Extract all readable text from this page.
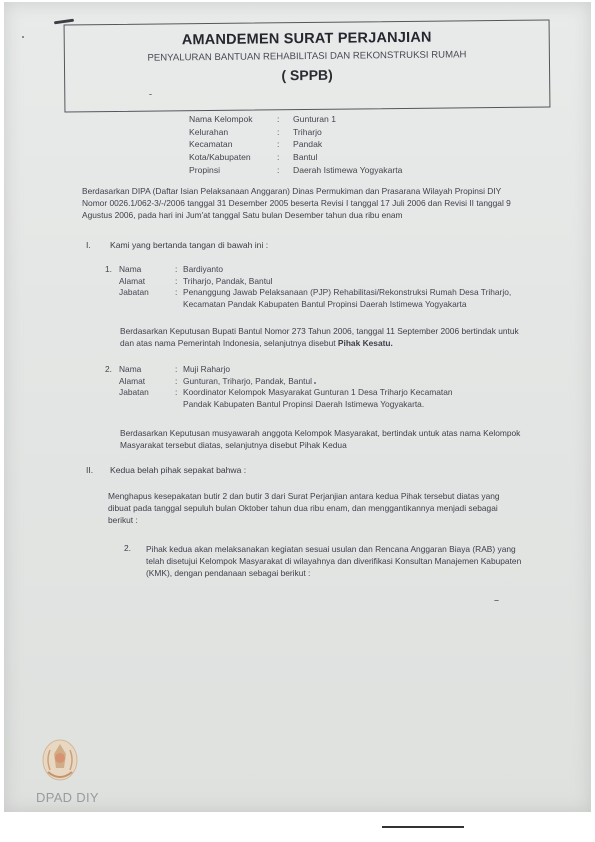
AMANDEMEN SURAT PERJANJIAN
PENYALURAN BANTUAN REHABILITASI DAN REKONSTRUKSI RUMAH
( SPPB)
Nama Kelompok	:	Gunturan 1
Kelurahan	:	Triharjo
Kecamatan	:	Pandak
Kota/Kabupaten	:	Bantul
Propinsi	:	Daerah Istimewa Yogyakarta
Berdasarkan DIPA (Daftar Isian Pelaksanaan Anggaran) Dinas Permukiman dan Prasarana Wilayah Propinsi DIY
Nomor 0026.1/062-3/-/2006 tanggal 31 Desember 2005 beserta Revisi I tanggal 17 Juli 2006 dan Revisi II tanggal 9
Agustus 2006, pada hari ini Jum'at tanggal Satu bulan Desember tahun dua ribu enam
I. Kami yang bertanda tangan di bawah ini :
1. Nama	: Bardiyanto
Alamat	: Triharjo, Pandak, Bantul
Jabatan	: Penanggung Jawab Pelaksanaan (PJP) Rehabilitasi/Rekonstruksi Rumah Desa Triharjo,
Kecamatan Pandak Kabupaten Bantul Propinsi Daerah Istimewa Yogyakarta
Berdasarkan Keputusan Bupati Bantul Nomor 273 Tahun 2006, tanggal 11 September 2006 bertindak untuk
dan atas nama Pemerintah Indonesia, selanjutnya disebut Pihak Kesatu.
2. Nama	: Muji Raharjo
Alamat	: Gunturan, Triharjo, Pandak, Bantul
Jabatan	: Koordinator Kelompok Masyarakat Gunturan 1 Desa Triharjo Kecamatan
Pandak Kabupaten Bantul Propinsi Daerah Istimewa Yogyakarta.
Berdasarkan Keputusan musyawarah anggota Kelompok Masyarakat, bertindak untuk atas nama Kelompok
Masyarakat tersebut diatas, selanjutnya disebut Pihak Kedua
II. Kedua belah pihak sepakat bahwa :
Menghapus kesepakatan butir 2 dan butir 3 dari Surat Perjanjian antara kedua Pihak tersebut diatas yang
dibuat pada tanggal sepuluh bulan Oktober tahun dua ribu enam, dan menggantikannya menjadi sebagai
berikut :
2. Pihak kedua akan melaksanakan kegiatan sesuai usulan dan Rencana Anggaran Biaya (RAB) yang
telah disetujui Kelompok Masyarakat di wilayahnya dan diverifikasi Konsultan Manajemen Kabupaten
(KMK), dengan pendanaan sebagai berikut :
DPAD DIY
